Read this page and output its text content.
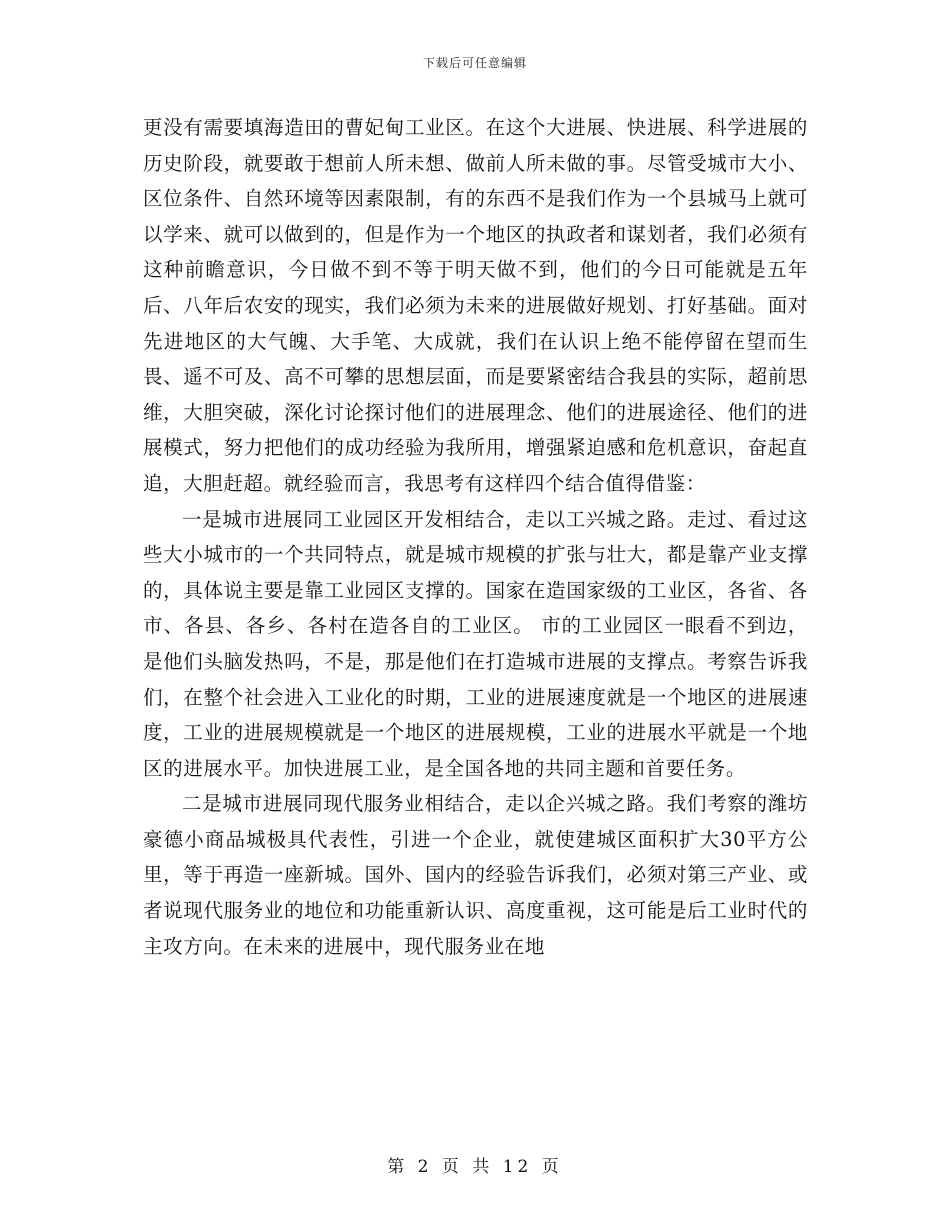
下载后可任意编辑

更没有需要填海造田的曹妃甸工业区。在这个大进展、快进展、科学进展的历史阶段，就要敢于想前人所未想、做前人所未做的事。尽管受城市大小、区位条件、自然环境等因素限制，有的东西不是我们作为一个县城马上就可以学来、就可以做到的，但是作为一个地区的执政者和谋划者，我们必须有这种前瞻意识，今日做不到不等于明天做不到，他们的今日可能就是五年后、八年后农安的现实，我们必须为未来的进展做好规划、打好基础。面对先进地区的大气魄、大手笔、大成就，我们在认识上绝不能停留在望而生畏、遥不可及、高不可攀的思想层面，而是要紧密结合我县的实际，超前思维，大胆突破，深化讨论探讨他们的进展理念、他们的进展途径、他们的进展模式，努力把他们的成功经验为我所用，增强紧迫感和危机意识，奋起直追，大胆赶超。就经验而言，我思考有这样四个结合值得借鉴：

一是城市进展同工业园区开发相结合，走以工兴城之路。走过、看过这些大小城市的一个共同特点，就是城市规模的扩张与壮大，都是靠产业支撑的，具体说主要是靠工业园区支撑的。国家在造国家级的工业区，各省、各市、各县、各乡、各村在造各自的工业区。 市的工业园区一眼看不到边，是他们头脑发热吗，不是，那是他们在打造城市进展的支撑点。考察告诉我们，在整个社会进入工业化的时期，工业的进展速度就是一个地区的进展速度，工业的进展规模就是一个地区的进展规模，工业的进展水平就是一个地区的进展水平。加快进展工业，是全国各地的共同主题和首要任务。

二是城市进展同现代服务业相结合，走以企兴城之路。我们考察的潍坊豪德小商品城极具代表性，引进一个企业，就使建城区面积扩大30平方公里，等于再造一座新城。国外、国内的经验告诉我们，必须对第三产业、或者说现代服务业的地位和功能重新认识、高度重视，这可能是后工业时代的主攻方向。在未来的进展中，现代服务业在地

第 2 页 共 12 页
